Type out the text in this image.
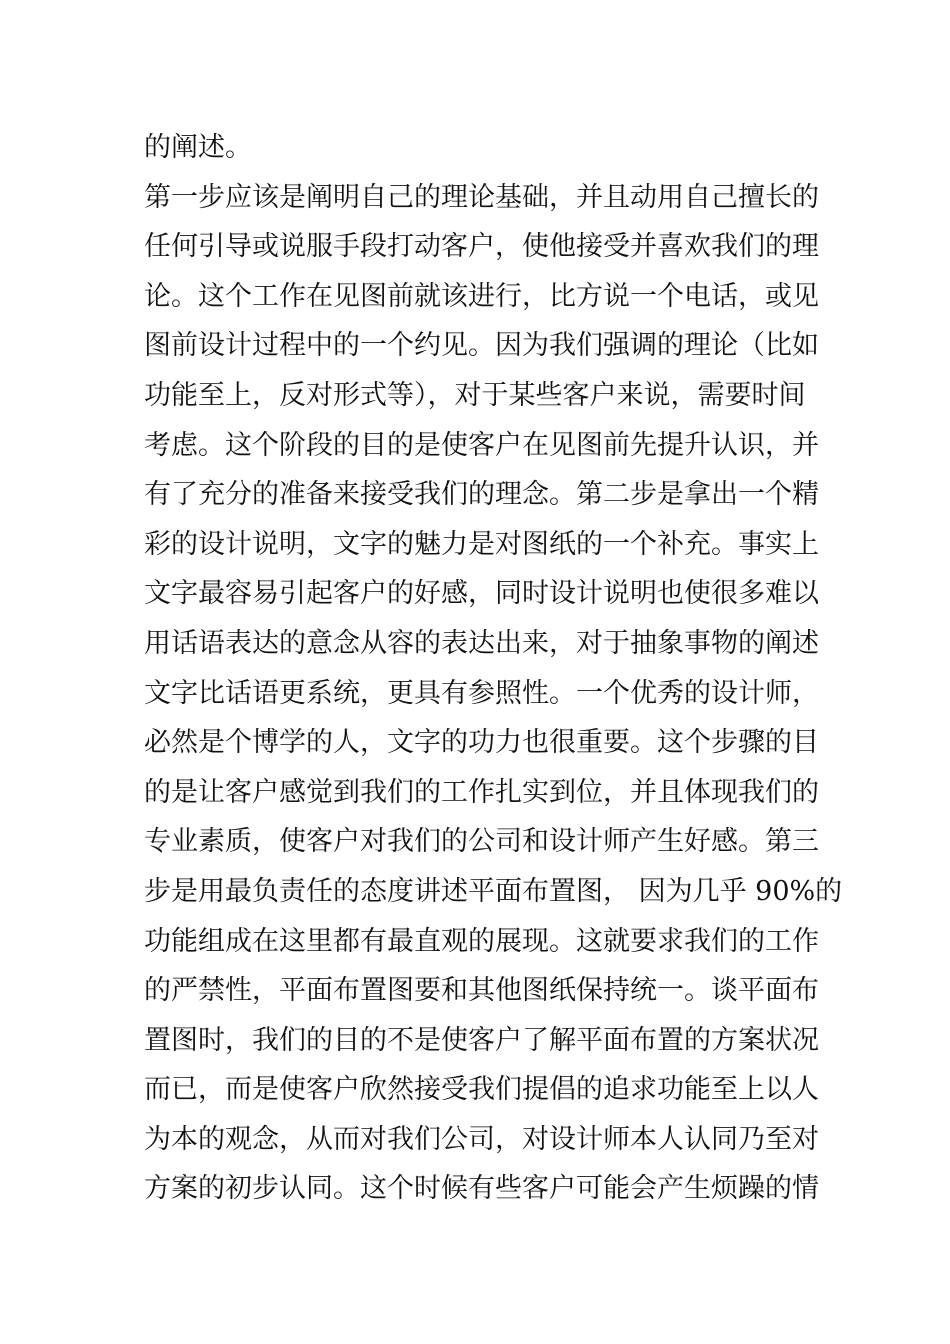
的阐述。
第一步应该是阐明自己的理论基础，并且动用自己擅长的
任何引导或说服手段打动客户，使他接受并喜欢我们的理
论。这个工作在见图前就该进行，比方说一个电话，或见
图前设计过程中的一个约见。因为我们强调的理论（比如
功能至上，反对形式等），对于某些客户来说，需要时间
考虑。这个阶段的目的是使客户在见图前先提升认识，并
有了充分的准备来接受我们的理念。第二步是拿出一个精
彩的设计说明，文字的魅力是对图纸的一个补充。事实上
文字最容易引起客户的好感，同时设计说明也使很多难以
用话语表达的意念从容的表达出来，对于抽象事物的阐述
文字比话语更系统，更具有参照性。一个优秀的设计师，
必然是个博学的人，文字的功力也很重要。这个步骤的目
的是让客户感觉到我们的工作扎实到位，并且体现我们的
专业素质，使客户对我们的公司和设计师产生好感。第三
步是用最负责任的态度讲述平面布置图， 因为几乎 90%的
功能组成在这里都有最直观的展现。这就要求我们的工作
的严禁性，平面布置图要和其他图纸保持统一。谈平面布
置图时，我们的目的不是使客户了解平面布置的方案状况
而已，而是使客户欣然接受我们提倡的追求功能至上以人
为本的观念，从而对我们公司，对设计师本人认同乃至对
方案的初步认同。这个时候有些客户可能会产生烦躁的情
